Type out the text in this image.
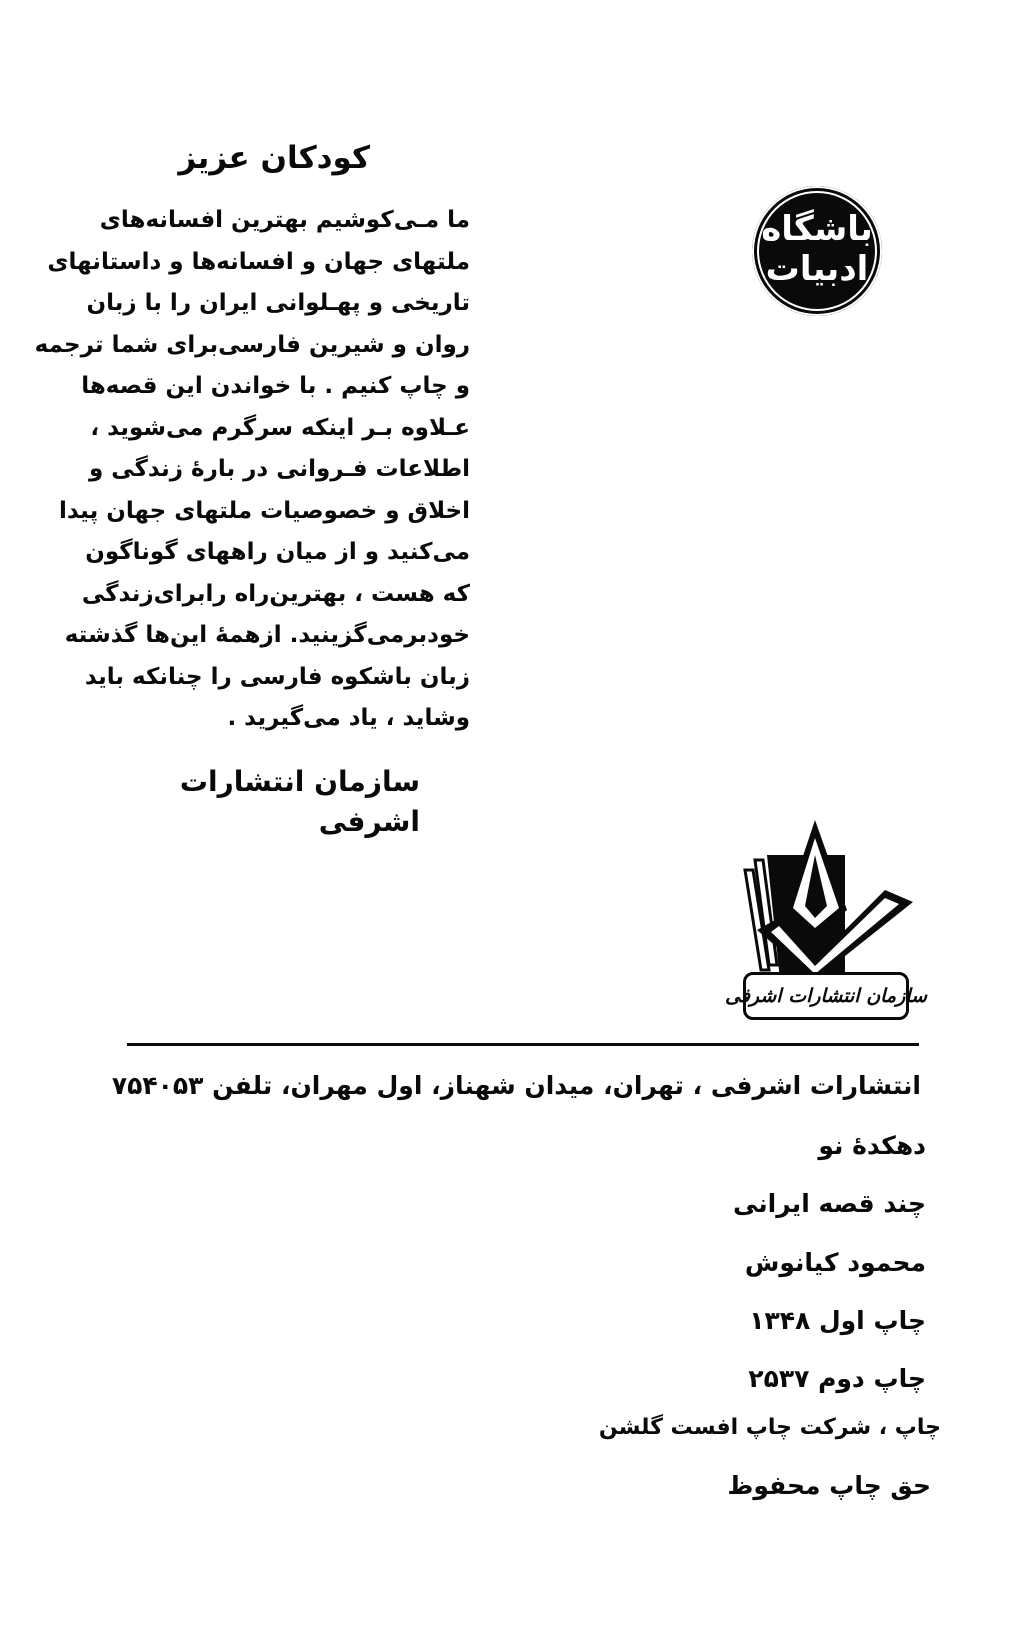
کودکان عزیز

ما مـی‌کوشیم بهترین افسانه‌های
ملتهای جهان و افسانه‌ها و داستانهای
تاریخی و پهـلوانی ایران را با زبان
روان و شیرین فارسی‌برای شما ترجمه
و چاپ کنیم . با خواندن این قصه‌ها
عـلاوه بـر اینکه سرگرم می‌شوید ،
اطلاعات فـروانی در بارهٔ زندگی و
اخلاق و خصوصیات ملتهای جهان پیدا
می‌کنید و از میان راههای گوناگون
که هست ، بهترین‌راه رابرای‌زندگی
خودبرمی‌گزینید. ازهمهٔ این‌ها گذشته
زبان باشکوه فارسی را چنانکه باید
وشاید ، یاد می‌گیرید .

سازمان انتشارات اشرفی
باشگاه
ادبیات
سازمان انتشارات اشرفی
انتشارات اشرفی ، تهران، میدان شهناز، اول مهران، تلفن ۷۵۴۰۵۳
دهکدهٔ نو
چند قصه ایرانی
محمود کیانوش
چاپ اول ۱۳۴۸
چاپ دوم ۲۵۳۷
چاپ ، شرکت چاپ افست گلشن
حق چاپ محفوظ
